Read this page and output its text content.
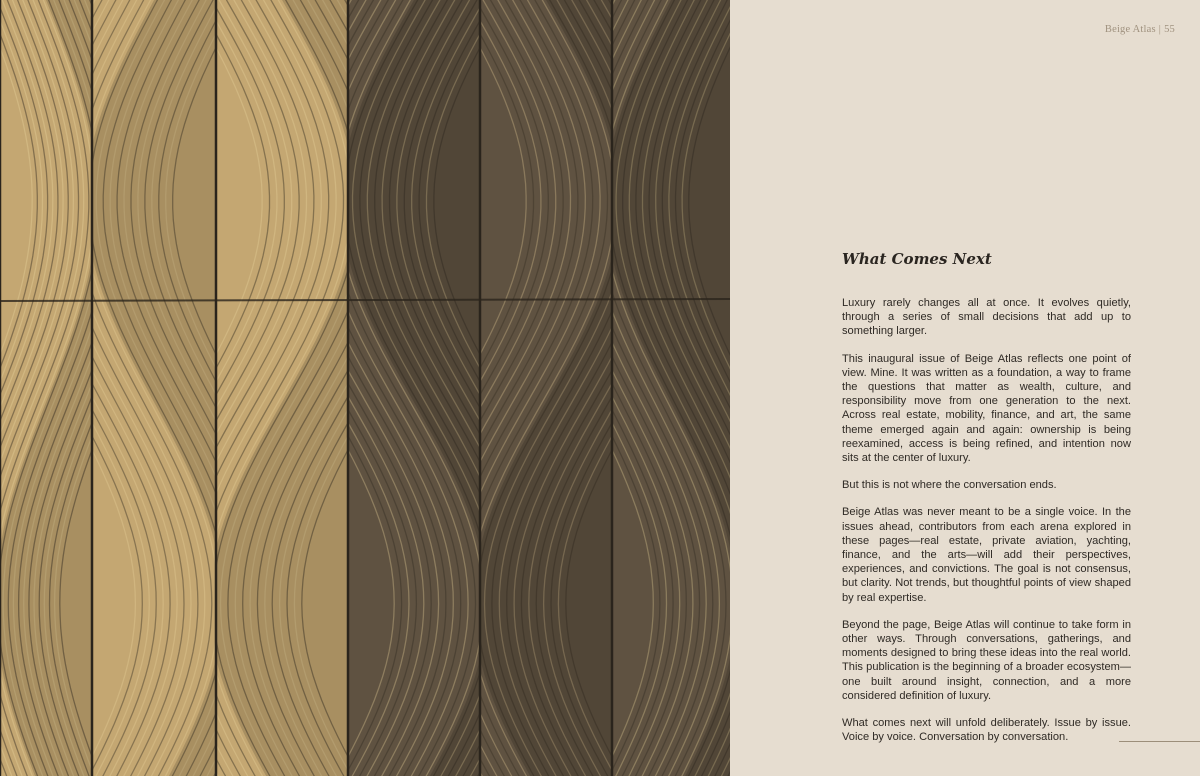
Beige Atlas | 55
What Comes Next

Luxury rarely changes all at once. It evolves quietly, through a series of small decisions that add up to something larger.

This inaugural issue of Beige Atlas reflects one point of view. Mine. It was written as a foundation, a way to frame the questions that matter as wealth, culture, and responsibility move from one generation to the next. Across real estate, mobility, finance, and art, the same theme emerged again and again: ownership is being reexamined, access is being refined, and intention now sits at the center of luxury.

But this is not where the conversation ends.

Beige Atlas was never meant to be a single voice. In the issues ahead, contributors from each arena explored in these pages—real estate, private aviation, yachting, finance, and the arts—will add their perspectives, experiences, and convictions. The goal is not consensus, but clarity. Not trends, but thoughtful points of view shaped by real expertise.

Beyond the page, Beige Atlas will continue to take form in other ways. Through conversations, gatherings, and moments designed to bring these ideas into the real world. This publication is the beginning of a broader ecosystem—one built around insight, connection, and a more considered definition of luxury.

What comes next will unfold deliberately. Issue by issue. Voice by voice. Conversation by conversation.
